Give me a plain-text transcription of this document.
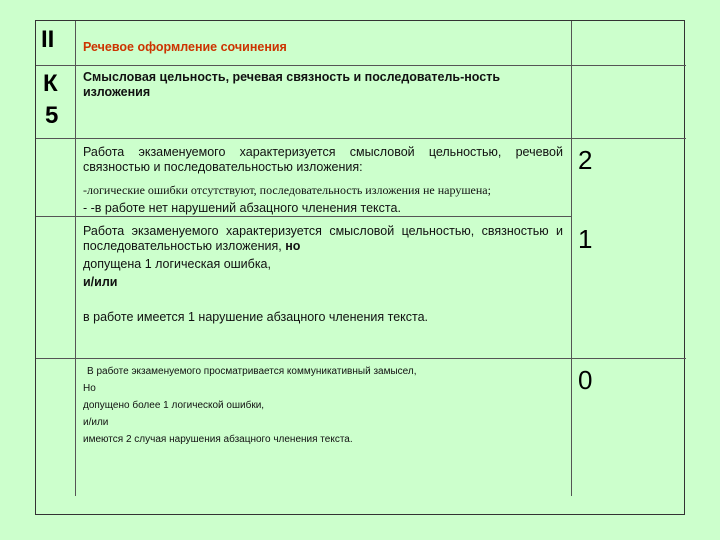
II Речевое оформление сочинения
К
5
Смысловая цельность, речевая связность и последователь-ность изложения
Работа экзаменуемого характеризуется смысловой цельностью, речевой связностью и последовательностью изложения:
-логические ошибки отсутствуют, последовательность изложения не нарушена;
- -в работе нет нарушений абзацного членения текста.
2
Работа экзаменуемого характеризуется смысловой цельностью, связностью и последовательностью изложения, но
допущена 1 логическая ошибка,
и/или
в работе имеется 1 нарушение абзацного членения текста.
1
В работе экзаменуемого просматривается коммуникативный замысел,
Но
допущено более 1 логической ошибки,
и/или
имеются 2 случая нарушения абзацного членения текста.
0
